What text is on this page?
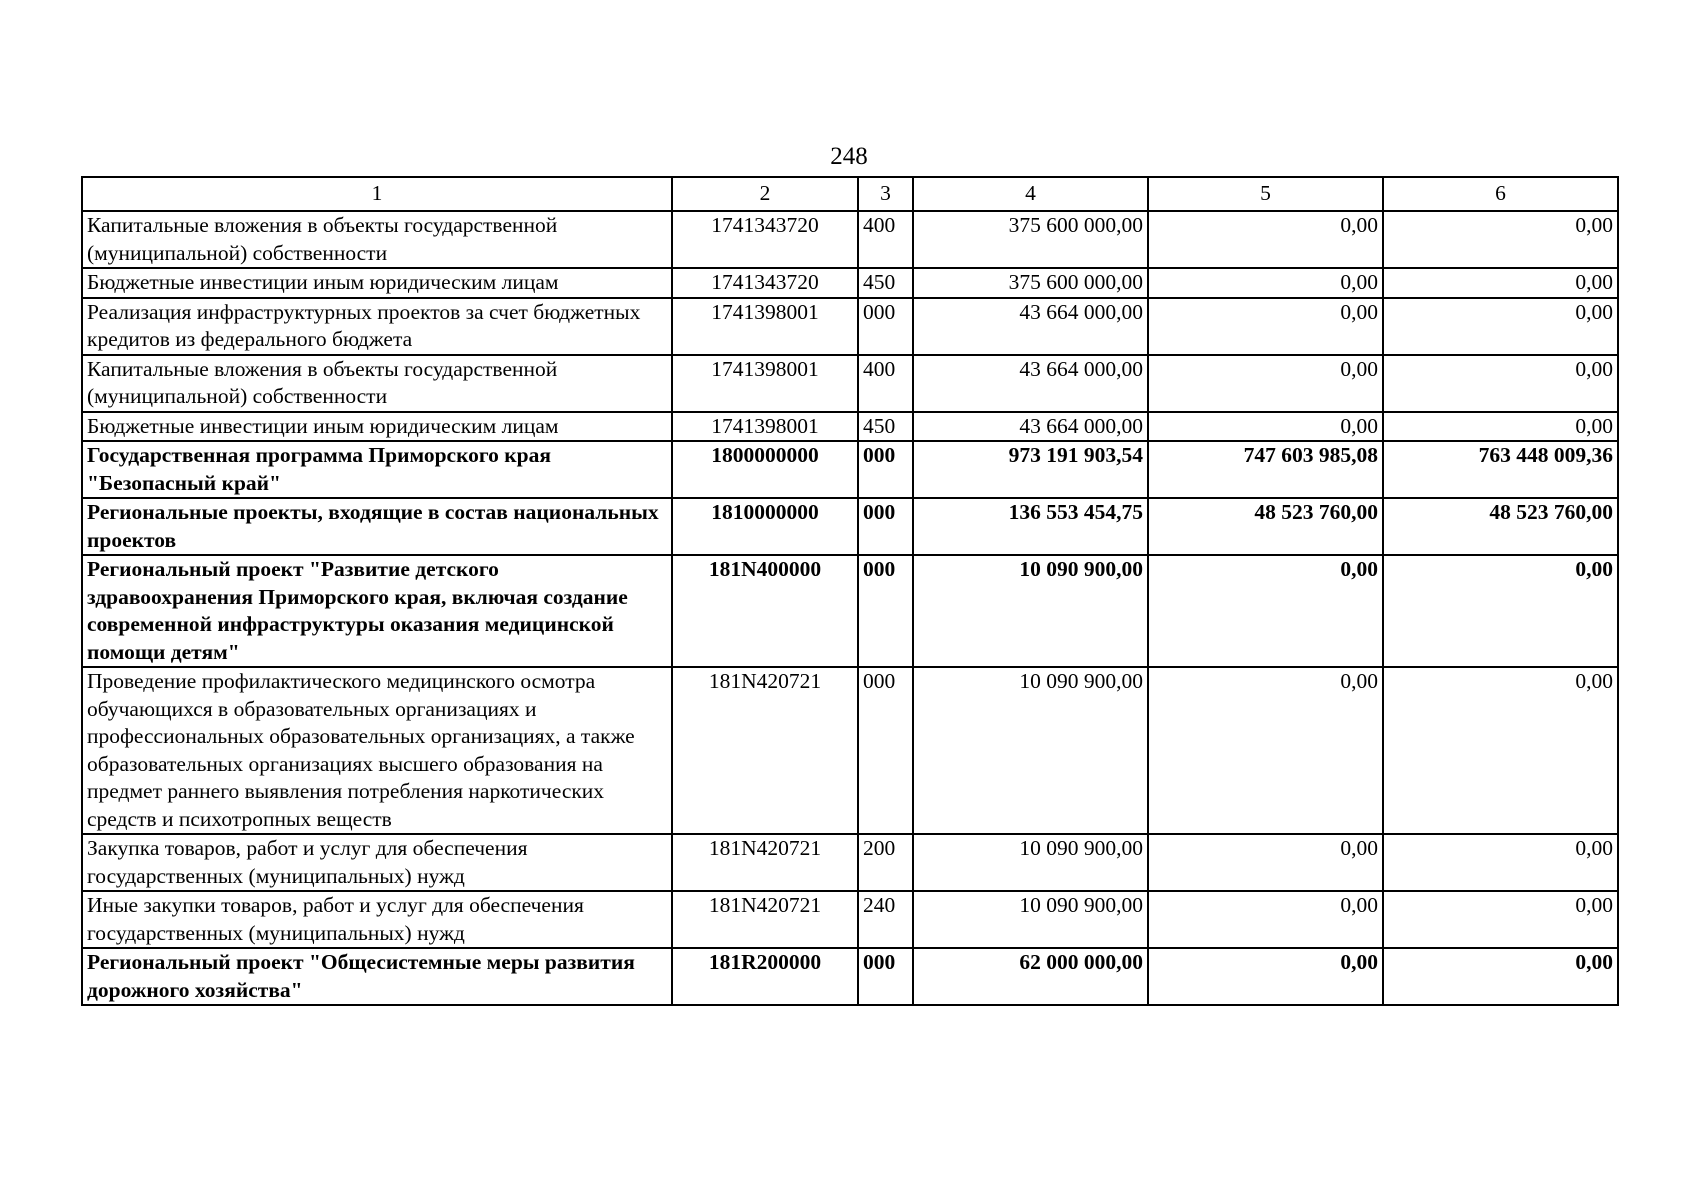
248
1	2	3	4	5	6
Капитальные вложения в объекты государственной (муниципальной) собственности	1741343720	400	375 600 000,00	0,00	0,00
Бюджетные инвестиции иным юридическим лицам	1741343720	450	375 600 000,00	0,00	0,00
Реализация инфраструктурных проектов за счет бюджетных кредитов из федерального бюджета	1741398001	000	43 664 000,00	0,00	0,00
Капитальные вложения в объекты государственной (муниципальной) собственности	1741398001	400	43 664 000,00	0,00	0,00
Бюджетные инвестиции иным юридическим лицам	1741398001	450	43 664 000,00	0,00	0,00
Государственная программа Приморского края "Безопасный край"	1800000000	000	973 191 903,54	747 603 985,08	763 448 009,36
Региональные проекты, входящие в состав национальных проектов	1810000000	000	136 553 454,75	48 523 760,00	48 523 760,00
Региональный проект "Развитие детского здравоохранения Приморского края, включая создание современной инфраструктуры оказания медицинской помощи детям"	181N400000	000	10 090 900,00	0,00	0,00
Проведение профилактического медицинского осмотра обучающихся в образовательных организациях и профессиональных образовательных организациях, а также образовательных организациях высшего образования на предмет раннего выявления потребления наркотических средств и психотропных веществ	181N420721	000	10 090 900,00	0,00	0,00
Закупка товаров, работ и услуг для обеспечения государственных (муниципальных) нужд	181N420721	200	10 090 900,00	0,00	0,00
Иные закупки товаров, работ и услуг для обеспечения государственных (муниципальных) нужд	181N420721	240	10 090 900,00	0,00	0,00
Региональный проект "Общесистемные меры развития дорожного хозяйства"	181R200000	000	62 000 000,00	0,00	0,00
